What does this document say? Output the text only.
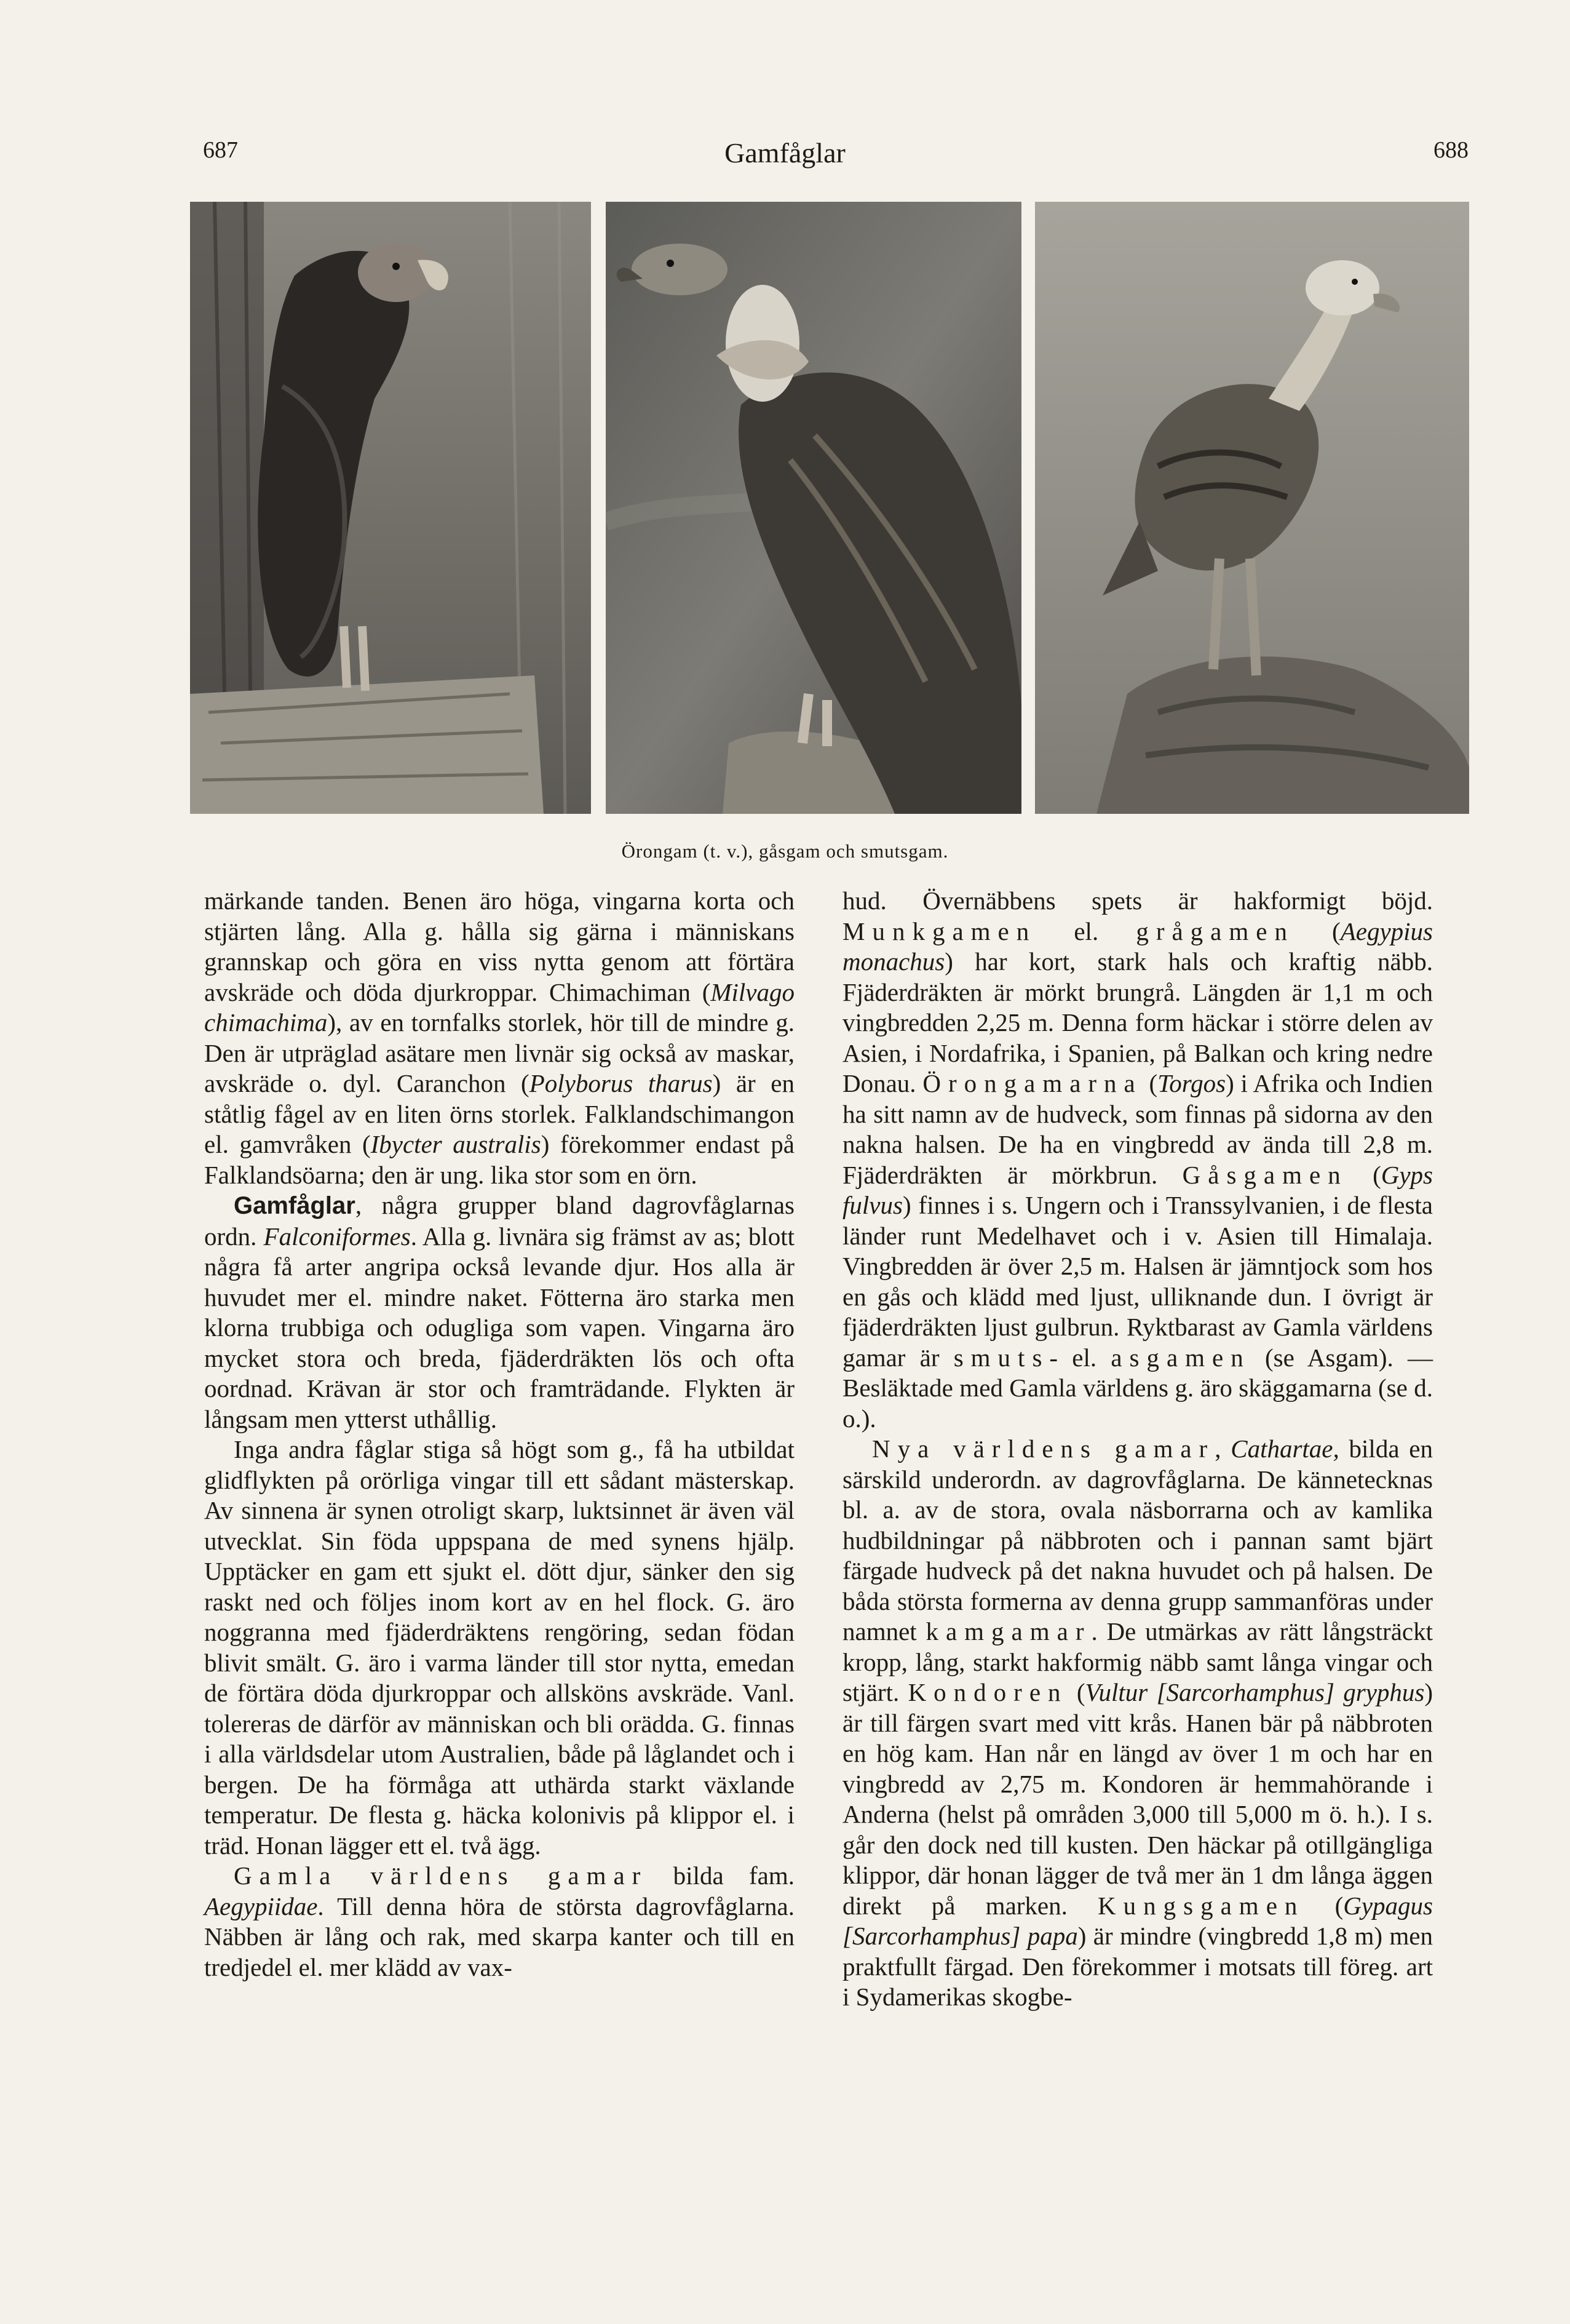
687	Gamfåglar	688
Örongam (t. v.), gåsgam och smutsgam.

märkande tanden. Benen äro höga, vingarna korta och stjärten lång. Alla g. hålla sig gärna i människans grannskap och göra en viss nytta genom att förtära avskräde och döda djurkroppar. Chimachiman (Milvago chimachima), av en tornfalks storlek, hör till de mindre g. Den är utpräglad asätare men livnär sig också av maskar, avskräde o. dyl. Caranchon (Polyborus tharus) är en ståtlig fågel av en liten örns storlek. Falklandschimangon el. gamvråken (Ibycter australis) förekommer endast på Falklandsöarna; den är ung. lika stor som en örn.

Gamfåglar, några grupper bland dagrovfåglarnas ordn. Falconiformes. Alla g. livnära sig främst av as; blott några få arter angripa också levande djur. Hos alla är huvudet mer el. mindre naket. Fötterna äro starka men klorna trubbiga och odugliga som vapen. Vingarna äro mycket stora och breda, fjäderdräkten lös och ofta oordnad. Krävan är stor och framträdande. Flykten är långsam men ytterst uthållig.

Inga andra fåglar stiga så högt som g., få ha utbildat glidflykten på orörliga vingar till ett sådant mästerskap. Av sinnena är synen otroligt skarp, luktsinnet är även väl utvecklat. Sin föda uppspana de med synens hjälp. Upptäcker en gam ett sjukt el. dött djur, sänker den sig raskt ned och följes inom kort av en hel flock. G. äro noggranna med fjäderdräktens rengöring, sedan födan blivit smält. G. äro i varma länder till stor nytta, emedan de förtära döda djurkroppar och allsköns avskräde. Vanl. tolereras de därför av människan och bli orädda. G. finnas i alla världsdelar utom Australien, både på låglandet och i bergen. De ha förmåga att uthärda starkt växlande temperatur. De flesta g. häcka kolonivis på klippor el. i träd. Honan lägger ett el. två ägg.

Gamla världens gamar bilda fam. Aegypiidae. Till denna höra de största dagrovfåglarna. Näbben är lång och rak, med skarpa kanter och till en tredjedel el. mer klädd av vax-

hud. Övernäbbens spets är hakformigt böjd. Munkgamen el. grågamen (Aegypius monachus) har kort, stark hals och kraftig näbb. Fjäderdräkten är mörkt brungrå. Längden är 1,1 m och vingbredden 2,25 m. Denna form häckar i större delen av Asien, i Nordafrika, i Spanien, på Balkan och kring nedre Donau. Örongamarna (Torgos) i Afrika och Indien ha sitt namn av de hudveck, som finnas på sidorna av den nakna halsen. De ha en vingbredd av ända till 2,8 m. Fjäderdräkten är mörkbrun. Gåsgamen (Gyps fulvus) finnes i s. Ungern och i Transsylvanien, i de flesta länder runt Medelhavet och i v. Asien till Himalaja. Vingbredden är över 2,5 m. Halsen är jämntjock som hos en gås och klädd med ljust, ulliknande dun. I övrigt är fjäderdräkten ljust gulbrun. Ryktbarast av Gamla världens gamar är smuts- el. asgamen (se Asgam). — Besläktade med Gamla världens g. äro skäggamarna (se d. o.).

Nya världens gamar, Cathartae, bilda en särskild underordn. av dagrovfåglarna. De kännetecknas bl. a. av de stora, ovala näsborrarna och av kamlika hudbildningar på näbbroten och i pannan samt bjärt färgade hudveck på det nakna huvudet och på halsen. De båda största formerna av denna grupp sammanföras under namnet kamgamar. De utmärkas av rätt långsträckt kropp, lång, starkt hakformig näbb samt långa vingar och stjärt. Kondoren (Vultur [Sarcorhamphus] gryphus) är till färgen svart med vitt krås. Hanen bär på näbbroten en hög kam. Han når en längd av över 1 m och har en vingbredd av 2,75 m. Kondoren är hemmahörande i Anderna (helst på områden 3,000 till 5,000 m ö. h.). I s. går den dock ned till kusten. Den häckar på otillgängliga klippor, där honan lägger de två mer än 1 dm långa äggen direkt på marken. Kungsgamen (Gypagus [Sarcorhamphus] papa) är mindre (vingbredd 1,8 m) men praktfullt färgad. Den förekommer i motsats till föreg. art i Sydamerikas skogbe-
